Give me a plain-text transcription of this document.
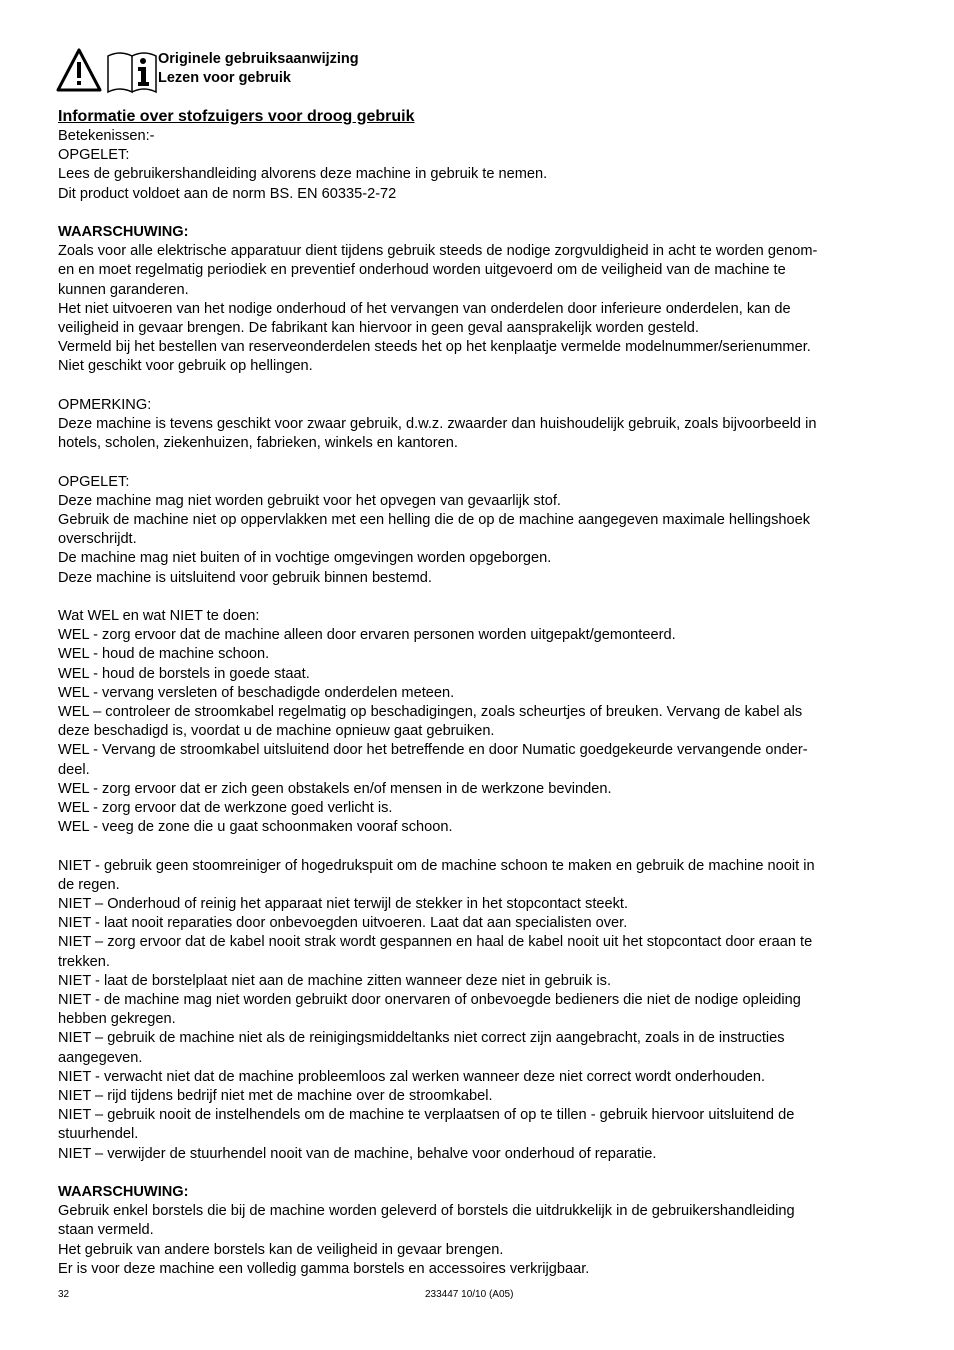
Originele gebruiksaanwijzing
Lezen voor gebruik
Informatie over stofzuigers voor droog gebruik
Betekenissen:-
OPGELET:
Lees de gebruikershandleiding alvorens deze machine in gebruik te nemen.
Dit product voldoet aan de norm BS. EN 60335-2-72
WAARSCHUWING:
Zoals voor alle elektrische apparatuur dient tijdens gebruik steeds de nodige zorgvuldigheid in acht te worden genom-
en en moet regelmatig periodiek en preventief onderhoud worden uitgevoerd om de veiligheid van de machine te
kunnen garanderen.
Het niet uitvoeren van het nodige onderhoud of het vervangen van onderdelen door inferieure onderdelen, kan de
veiligheid in gevaar brengen. De fabrikant kan hiervoor in geen geval aansprakelijk worden gesteld.
Vermeld bij het bestellen van reserveonderdelen steeds het op het kenplaatje vermelde modelnummer/serienummer.
Niet geschikt voor gebruik op hellingen.
OPMERKING:
Deze machine is tevens geschikt voor zwaar gebruik, d.w.z. zwaarder dan huishoudelijk gebruik, zoals bijvoorbeeld in
hotels, scholen, ziekenhuizen, fabrieken, winkels en kantoren.
OPGELET:
Deze machine mag niet worden gebruikt voor het opvegen van gevaarlijk stof.
Gebruik de machine niet op oppervlakken met een helling die de op de machine aangegeven maximale hellingshoek
overschrijdt.
De machine mag niet buiten of in vochtige omgevingen worden opgeborgen.
Deze machine is uitsluitend voor gebruik binnen bestemd.
Wat WEL en wat NIET te doen:
WEL - zorg ervoor dat de machine alleen door ervaren personen worden uitgepakt/gemonteerd.
WEL - houd de machine schoon.
WEL - houd de borstels in goede staat.
WEL - vervang versleten of beschadigde onderdelen meteen.
WEL – controleer de stroomkabel regelmatig op beschadigingen, zoals scheurtjes of breuken. Vervang de kabel als
deze beschadigd is, voordat u de machine opnieuw gaat gebruiken.
WEL - Vervang de stroomkabel uitsluitend door het betreffende en door Numatic goedgekeurde vervangende onder-
deel.
WEL - zorg ervoor dat er zich geen obstakels en/of mensen in de werkzone bevinden.
WEL - zorg ervoor dat de werkzone goed verlicht is.
WEL - veeg de zone die u gaat schoonmaken vooraf schoon.
NIET - gebruik geen stoomreiniger of hogedrukspuit om de machine schoon te maken en gebruik de machine nooit in
de regen.
NIET – Onderhoud of reinig het apparaat niet terwijl de stekker in het stopcontact steekt.
NIET - laat nooit reparaties door onbevoegden uitvoeren. Laat dat aan specialisten over.
NIET – zorg ervoor dat de kabel nooit strak wordt gespannen en haal de kabel nooit uit het stopcontact door eraan te
trekken.
NIET - laat de borstelplaat niet aan de machine zitten wanneer deze niet in gebruik is.
NIET - de machine mag niet worden gebruikt door onervaren of onbevoegde bedieners die niet de nodige opleiding
hebben gekregen.
NIET – gebruik de machine niet als de reinigingsmiddeltanks niet correct zijn aangebracht, zoals in de instructies
aangegeven.
NIET - verwacht niet dat de machine probleemloos zal werken wanneer deze niet correct wordt onderhouden.
NIET – rijd tijdens bedrijf niet met de machine over de stroomkabel.
NIET – gebruik nooit de instelhendels om de machine te verplaatsen of op te tillen - gebruik hiervoor uitsluitend de
stuurhendel.
NIET – verwijder de stuurhendel nooit van de machine, behalve voor onderhoud of reparatie.
WAARSCHUWING:
Gebruik enkel borstels die bij de machine worden geleverd of borstels die uitdrukkelijk in de gebruikershandleiding
staan vermeld.
Het gebruik van andere borstels kan de veiligheid in gevaar brengen.
Er is voor deze machine een volledig gamma borstels en accessoires verkrijgbaar.
32	233447 10/10 (A05)
